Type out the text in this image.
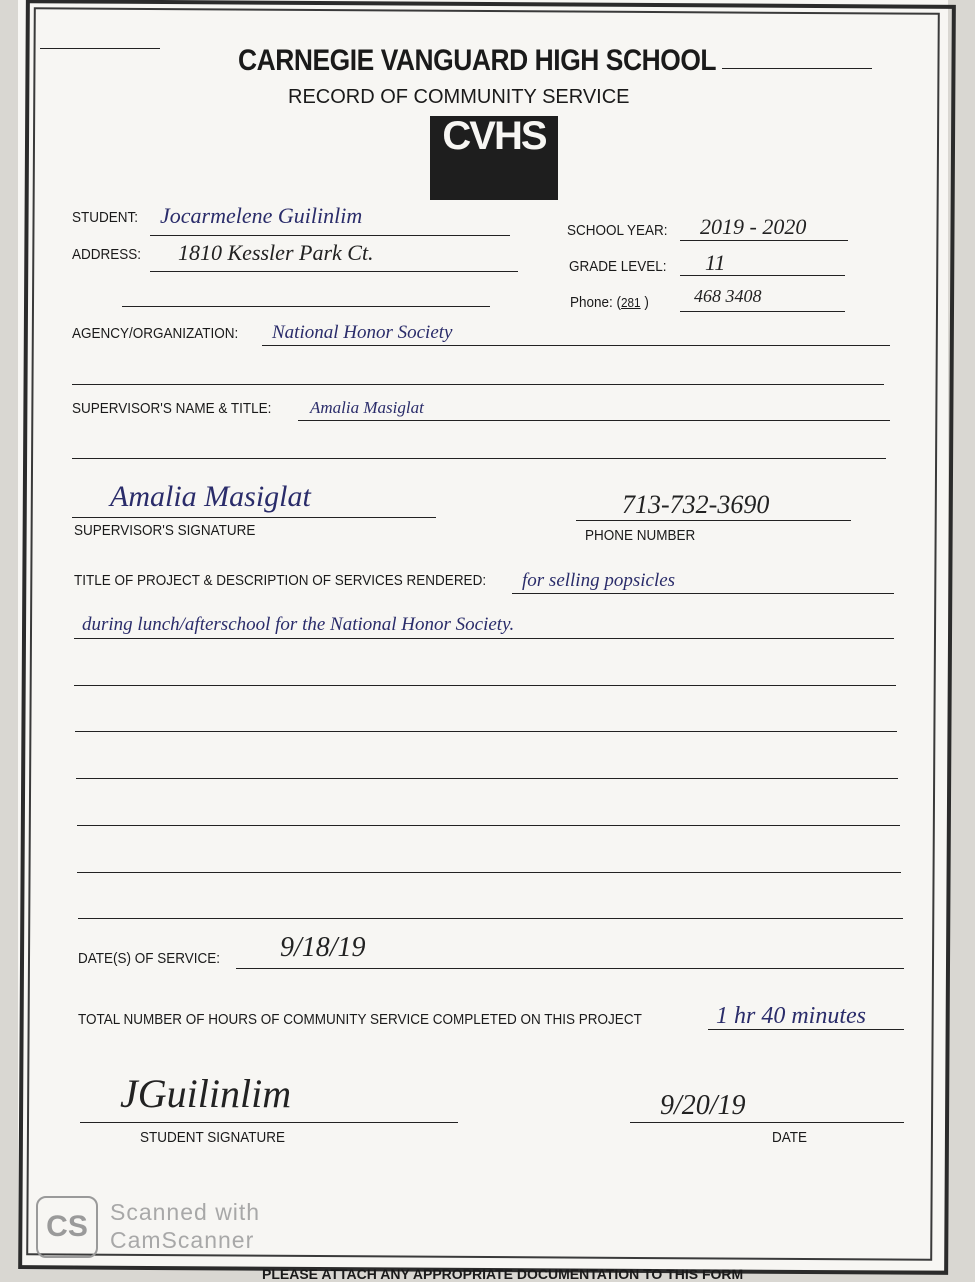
CARNEGIE VANGUARD HIGH SCHOOL
RECORD OF COMMUNITY SERVICE
CVHS
STUDENT: Jocarmelene Guilinlim
SCHOOL YEAR: 2019 - 2020
ADDRESS: 1810 Kessler Park Ct.
GRADE LEVEL: 11
Phone: (281 )	468 3408
AGENCY/ORGANIZATION: National Honor Society
SUPERVISOR'S NAME & TITLE: Amalia Masiglat
Amalia Masiglat
SUPERVISOR'S SIGNATURE
713-732-3690
PHONE NUMBER
TITLE OF PROJECT & DESCRIPTION OF SERVICES RENDERED: for selling popsicles
during lunch/afterschool for the National Honor Society.
DATE(S) OF SERVICE: 9/18/19
TOTAL NUMBER OF HOURS OF COMMUNITY SERVICE COMPLETED ON THIS PROJECT	1 hr 40 minutes
JGuilinlim
STUDENT SIGNATURE
9/20/19
DATE
CS Scanned with
CamScanner
PLEASE ATTACH ANY APPROPRIATE DOCUMENTATION TO THIS FORM
